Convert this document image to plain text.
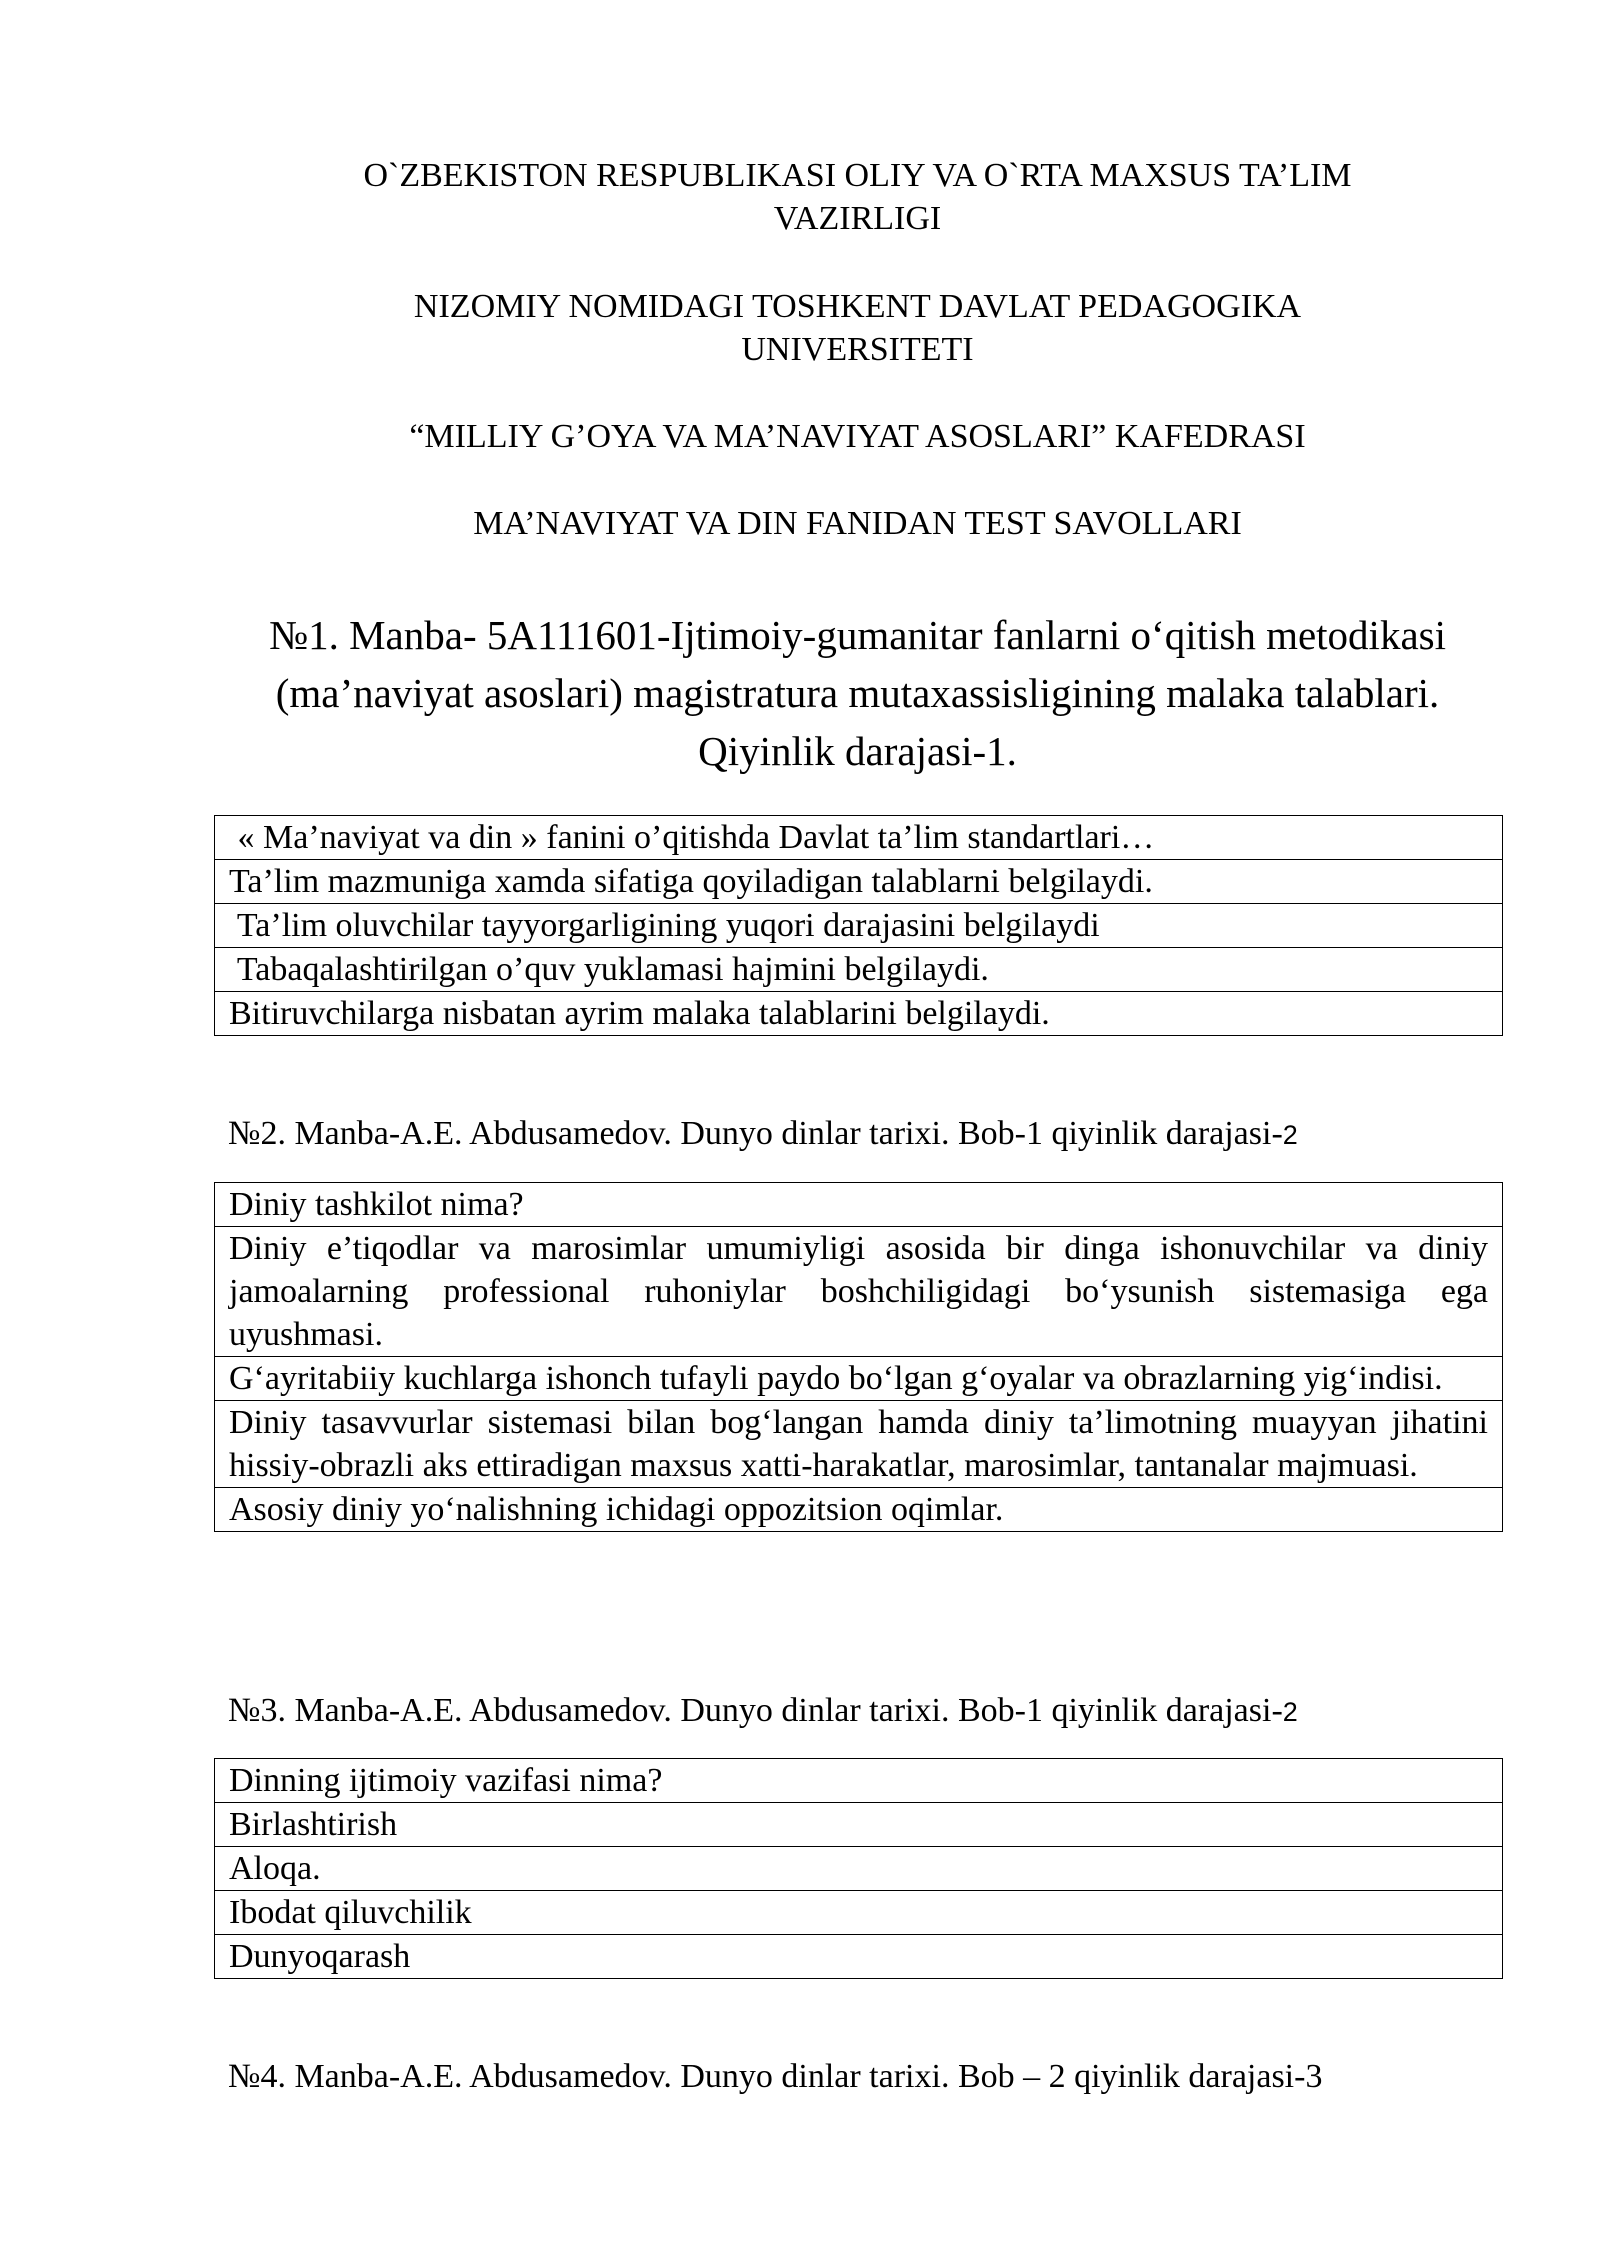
O`ZBEKISTON RESPUBLIKASI OLIY VA O`RTA MAXSUS TA’LIM
VAZIRLIGI
NIZOMIY NOMIDAGI TOSHKENT DAVLAT PEDAGOGIKA
UNIVERSITETI
“MILLIY G’OYA VA MA’NAVIYAT ASOSLARI” KAFEDRASI
MA’NAVIYAT VA DIN FANIDAN TEST SAVOLLARI
№1. Manba- 5A111601-Ijtimoiy-gumanitar fanlarni o‘qitish metodikasi
(ma’naviyat asoslari) magistratura mutaxassisligining malaka talablari.
Qiyinlik darajasi-1.
« Ma’naviyat va din » fanini o’qitishda Davlat ta’lim standartlari…
Ta’lim mazmuniga xamda sifatiga qoyiladigan talablarni belgilaydi.
Ta’lim oluvchilar tayyorgarligining yuqori darajasini belgilaydi
Tabaqalashtirilgan o’quv yuklamasi hajmini belgilaydi.
Bitiruvchilarga nisbatan ayrim malaka talablarini belgilaydi.
№2. Manba-A.E. Abdusamedov. Dunyo dinlar tarixi. Bob-1 qiyinlik darajasi-2
Diniy tashkilot nima?
Diniy e’tiqodlar va marosimlar umumiyligi asosida bir dinga ishonuvchilar va diniy jamoalarning professional ruhoniylar boshchiligidagi bo‘ysunish sistemasiga ega uyushmasi.
G‘ayritabiiy kuchlarga ishonch tufayli paydo bo‘lgan g‘oyalar va obrazlarning yig‘indisi.
Diniy tasavvurlar sistemasi bilan bog‘langan hamda diniy ta’limotning muayyan jihatini hissiy-obrazli aks ettiradigan maxsus xatti-harakatlar, marosimlar, tantanalar majmuasi.
Asosiy diniy yo‘nalishning ichidagi oppozitsion oqimlar.
№3. Manba-A.E. Abdusamedov. Dunyo dinlar tarixi. Bob-1 qiyinlik darajasi-2
Dinning ijtimoiy vazifasi nima?
Birlashtirish
Aloqa.
Ibodat qiluvchilik
Dunyoqarash
№4. Manba-A.E. Abdusamedov. Dunyo dinlar tarixi. Bob – 2 qiyinlik darajasi-3
